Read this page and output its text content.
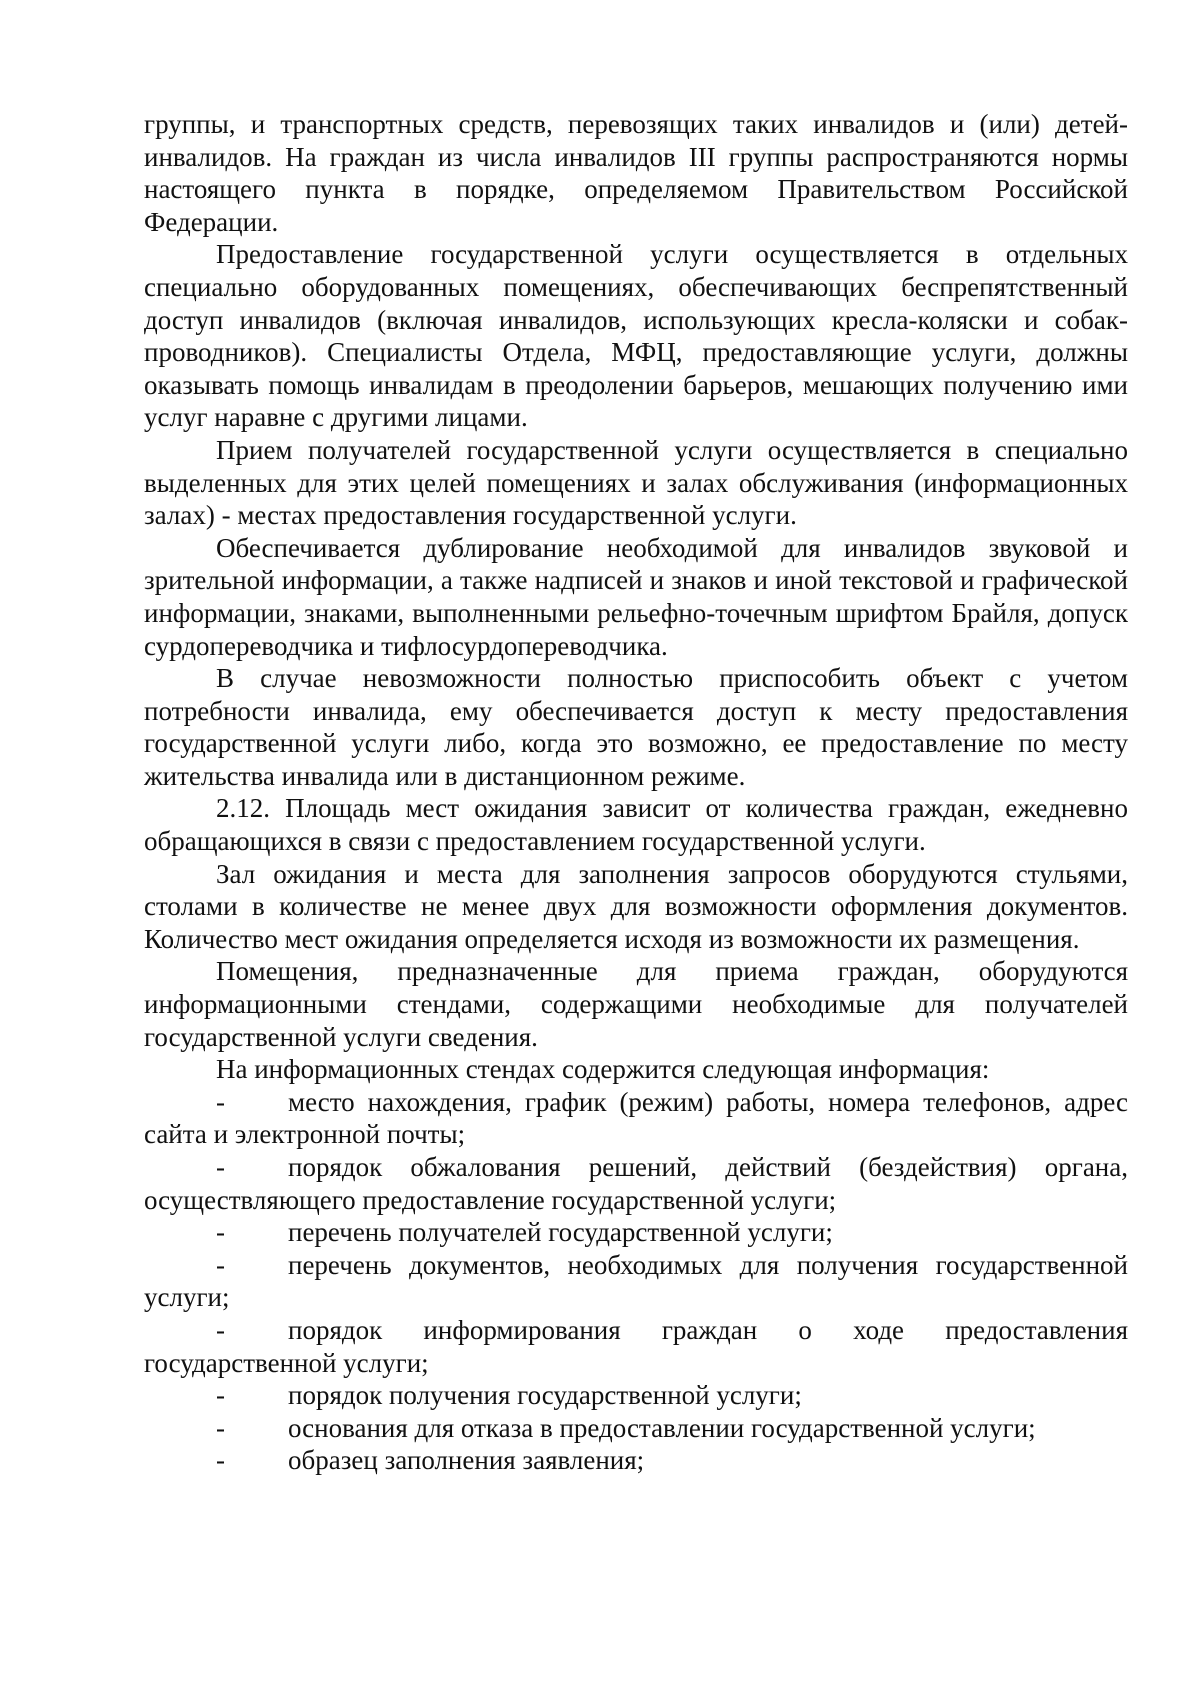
группы, и транспортных средств, перевозящих таких инвалидов и (или) детей-инвалидов. На граждан из числа инвалидов III группы распространяются нормы настоящего пункта в порядке, определяемом Правительством Российской Федерации.

Предоставление государственной услуги осуществляется в отдельных специально оборудованных помещениях, обеспечивающих беспрепятственный доступ инвалидов (включая инвалидов, использующих кресла-коляски и собак-проводников). Специалисты Отдела, МФЦ, предоставляющие услуги, должны оказывать помощь инвалидам в преодолении барьеров, мешающих получению ими услуг наравне с другими лицами.

Прием получателей государственной услуги осуществляется в специально выделенных для этих целей помещениях и залах обслуживания (информационных залах) - местах предоставления государственной услуги.

Обеспечивается дублирование необходимой для инвалидов звуковой и зрительной информации, а также надписей и знаков и иной текстовой и графической информации, знаками, выполненными рельефно-точечным шрифтом Брайля, допуск сурдопереводчика и тифлосурдопереводчика.

В случае невозможности полностью приспособить объект с учетом потребности инвалида, ему обеспечивается доступ к месту предоставления государственной услуги либо, когда это возможно, ее предоставление по месту жительства инвалида или в дистанционном режиме.

2.12. Площадь мест ожидания зависит от количества граждан, ежедневно обращающихся в связи с предоставлением государственной услуги.

Зал ожидания и места для заполнения запросов оборудуются стульями, столами в количестве не менее двух для возможности оформления документов. Количество мест ожидания определяется исходя из возможности их размещения.

Помещения, предназначенные для приема граждан, оборудуются информационными стендами, содержащими необходимые для получателей государственной услуги сведения.

На информационных стендах содержится следующая информация:

- место нахождения, график (режим) работы, номера телефонов, адрес сайта и электронной почты;

- порядок обжалования решений, действий (бездействия) органа, осуществляющего предоставление государственной услуги;

- перечень получателей государственной услуги;

- перечень документов, необходимых для получения государственной услуги;

- порядок информирования граждан о ходе предоставления государственной услуги;

- порядок получения государственной услуги;

- основания для отказа в предоставлении государственной услуги;

- образец заполнения заявления;
